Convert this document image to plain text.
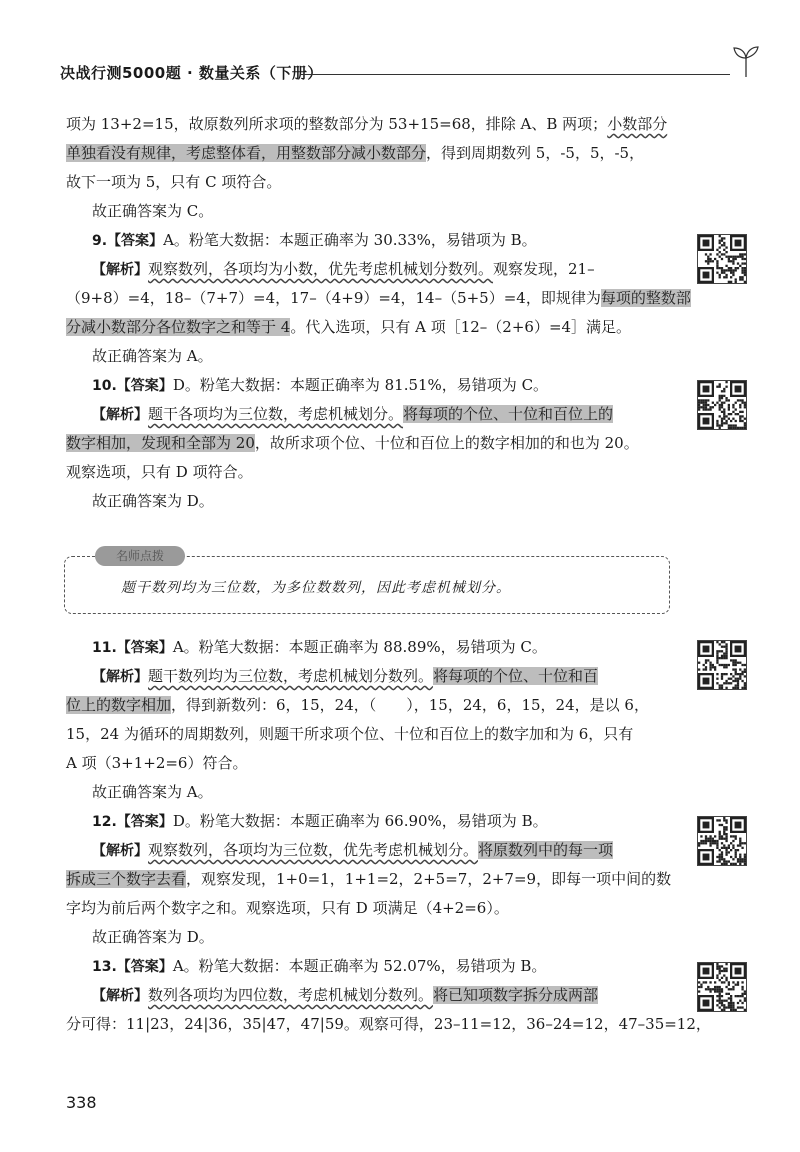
决战行测5000题 · 数量关系（下册）
项为 13+2=15，故原数列所求项的整数部分为 53+15=68，排除 A、B 两项；小数部分
单独看没有规律，考虑整体看，用整数部分减小数部分，得到周期数列 5，-5，5，-5，
故下一项为 5，只有 C 项符合。
故正确答案为 C。
9.【答案】A。粉笔大数据：本题正确率为 30.33%，易错项为 B。
【解析】观察数列，各项均为小数，优先考虑机械划分数列。观察发现，21–
（9+8）=4，18–（7+7）=4，17–（4+9）=4，14–（5+5）=4，即规律为每项的整数部
分减小数部分各位数字之和等于 4。代入选项，只有 A 项［12–（2+6）=4］满足。
故正确答案为 A。
10.【答案】D。粉笔大数据：本题正确率为 81.51%，易错项为 C。
【解析】题干各项均为三位数，考虑机械划分。将每项的个位、十位和百位上的
数字相加，发现和全部为 20，故所求项个位、十位和百位上的数字相加的和也为 20。
观察选项，只有 D 项符合。
故正确答案为 D。
11.【答案】A。粉笔大数据：本题正确率为 88.89%，易错项为 C。
【解析】题干数列均为三位数，考虑机械划分数列。将每项的个位、十位和百
位上的数字相加，得到新数列：6，15，24，（　　），15，24，6，15，24，是以 6，
15，24 为循环的周期数列，则题干所求项个位、十位和百位上的数字加和为 6，只有
A 项（3+1+2=6）符合。
故正确答案为 A。
12.【答案】D。粉笔大数据：本题正确率为 66.90%，易错项为 B。
【解析】观察数列，各项均为三位数，优先考虑机械划分。将原数列中的每一项
拆成三个数字去看，观察发现，1+0=1，1+1=2，2+5=7，2+7=9，即每一项中间的数
字均为前后两个数字之和。观察选项，只有 D 项满足（4+2=6）。
故正确答案为 D。
13.【答案】A。粉笔大数据：本题正确率为 52.07%，易错项为 B。
【解析】数列各项均为四位数，考虑机械划分数列。将已知项数字拆分成两部
分可得：11|23，24|36，35|47，47|59。观察可得，23–11=12，36–24=12，47–35=12，
名师点拨
题干数列均为三位数，为多位数数列，因此考虑机械划分。
338
